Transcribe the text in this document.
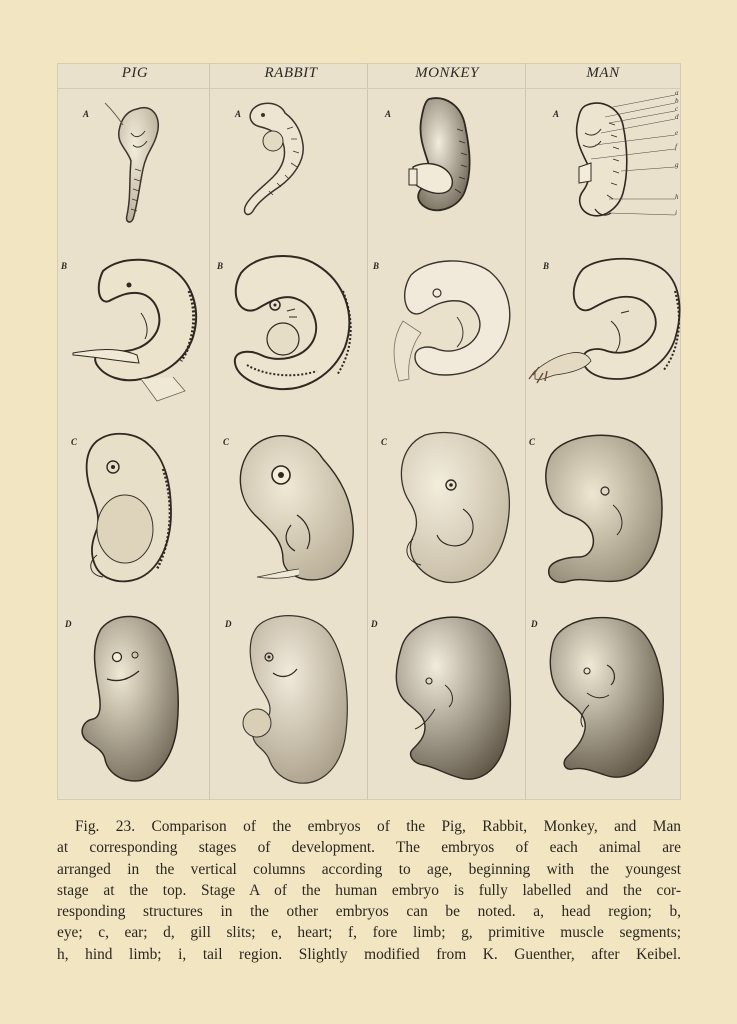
PIG	RABBIT	MONKEY	MAN
A	A	A	A
a
b
c
d
e
f
g
h
i
B	B	B	B
C	C	C	C
D	D	D	D
Fig. 23. Comparison of the embryos of the Pig, Rabbit, Monkey, and Man
at corresponding stages of development. The embryos of each animal are
arranged in the vertical columns according to age, beginning with the youngest
stage at the top. Stage A of the human embryo is fully labelled and the cor-
responding structures in the other embryos can be noted. a, head region; b,
eye; c, ear; d, gill slits; e, heart; f, fore limb; g, primitive muscle segments;
h, hind limb; i, tail region. Slightly modified from K. Guenther, after Keibel.
